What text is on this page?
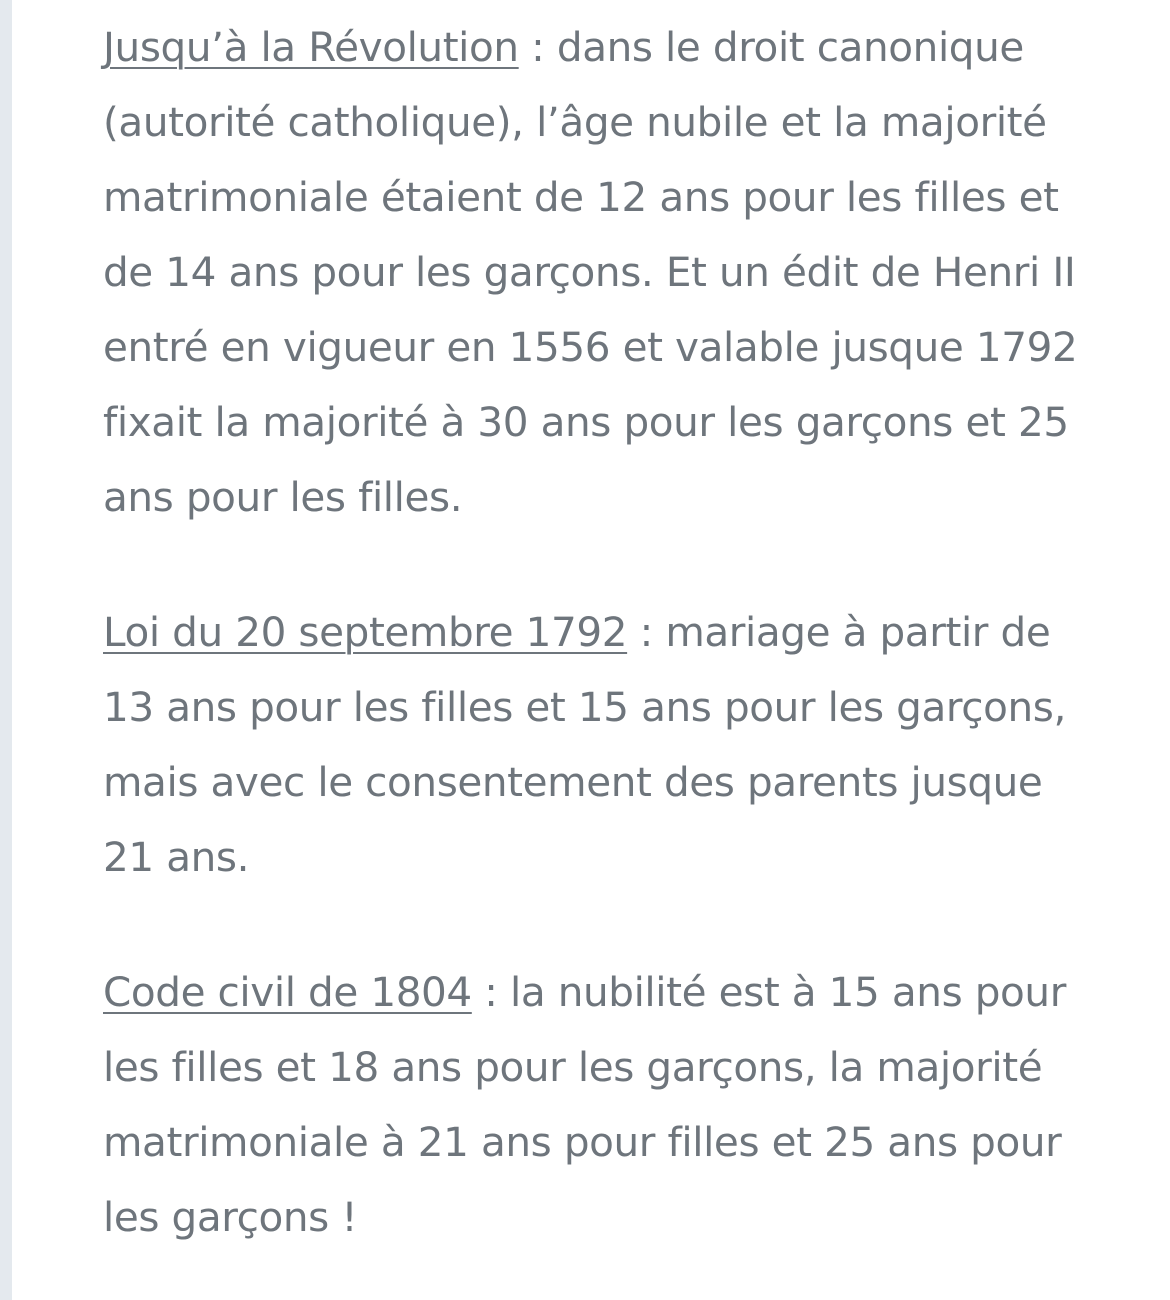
Jusqu’à la Révolution : dans le droit canonique (autorité catholique), l’âge nubile et la majorité matrimoniale étaient de 12 ans pour les filles et de 14 ans pour les garçons. Et un édit de Henri II entré en vigueur en 1556 et valable jusque 1792 fixait la majorité à 30 ans pour les garçons et 25 ans pour les filles.

Loi du 20 septembre 1792 : mariage à partir de 13 ans pour les filles et 15 ans pour les garçons, mais avec le consentement des parents jusque 21 ans.

Code civil de 1804 : la nubilité est à 15 ans pour les filles et 18 ans pour les garçons, la majorité matrimoniale à 21 ans pour filles et 25 ans pour les garçons !
